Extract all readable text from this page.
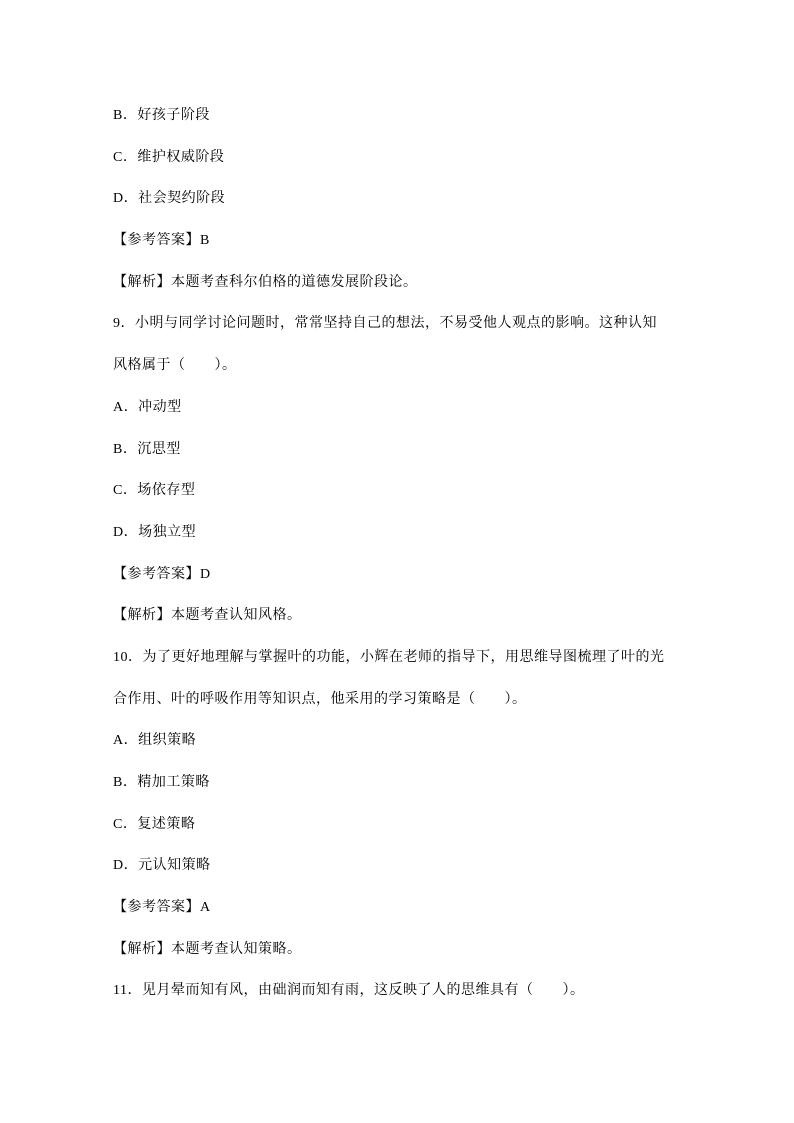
B．好孩子阶段

C．维护权威阶段

D．社会契约阶段

【参考答案】B

【解析】本题考查科尔伯格的道德发展阶段论。

9．小明与同学讨论问题时，常常坚持自己的想法，不易受他人观点的影响。这种认知

风格属于（　　）。

A．冲动型

B．沉思型

C．场依存型

D．场独立型

【参考答案】D

【解析】本题考查认知风格。

10．为了更好地理解与掌握叶的功能，小辉在老师的指导下，用思维导图梳理了叶的光

合作用、叶的呼吸作用等知识点，他采用的学习策略是（　　）。

A．组织策略

B．精加工策略

C．复述策略

D．元认知策略

【参考答案】A

【解析】本题考查认知策略。

11．见月晕而知有风，由础润而知有雨，这反映了人的思维具有（　　）。
